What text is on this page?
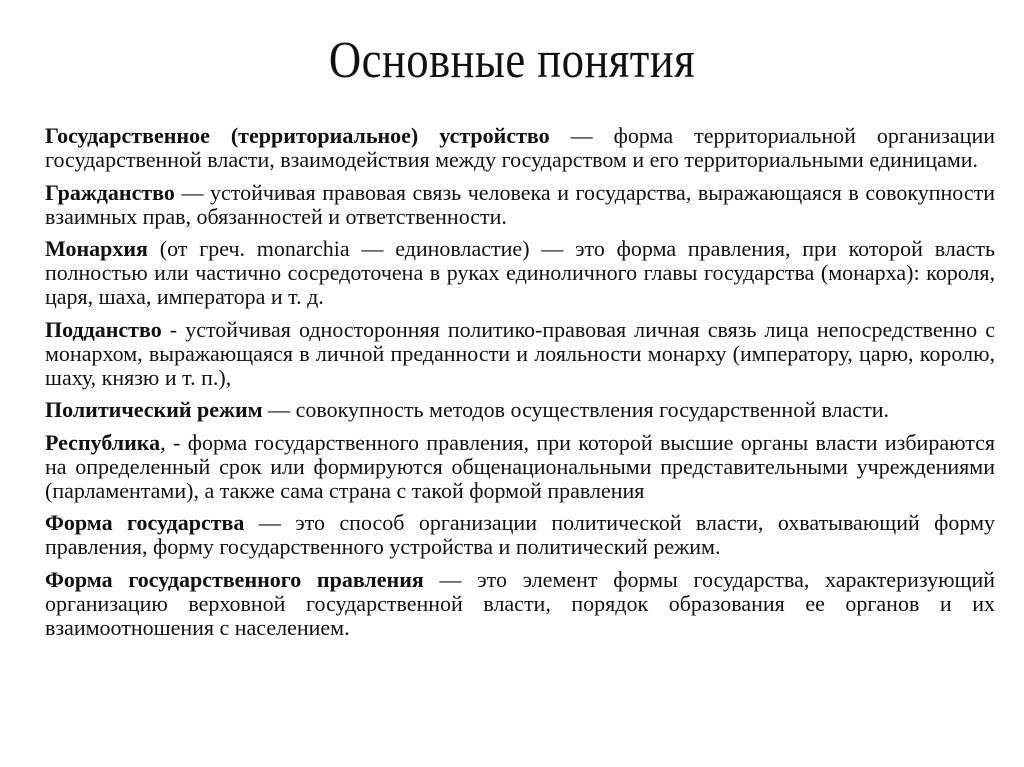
Основные понятия

Государственное (территориальное) устройство — форма территориальной организации государственной власти, взаимодействия между государством и его территориальными единицами.

Гражданство — устойчивая правовая связь человека и государства, выражающаяся в совокупности взаимных прав, обязанностей и ответственности.

Монархия (от греч. monarchia — единовластие) — это форма правления, при которой власть полностью или частично сосредоточена в руках единоличного главы государства (монарха): короля, царя, шаха, императора и т. д.

Подданство - устойчивая односторонняя политико-правовая личная связь лица непосредственно с монархом, выражающаяся в личной преданности и лояльности монарху (императору, царю, королю, шаху, князю и т. п.),

Политический режим — совокупность методов осуществления государственной власти.

Республика, - форма государственного правления, при которой высшие органы власти избираются на определенный срок или формируются общенациональными представительными учреждениями (парламентами), а также сама страна с такой формой правления

Форма государства — это способ организации политической власти, охватывающий форму правления, форму государственного устройства и политический режим.

Форма государственного правления — это элемент формы государства, характеризующий организацию верховной государственной власти, порядок образования ее органов и их взаимоотношения с населением.
